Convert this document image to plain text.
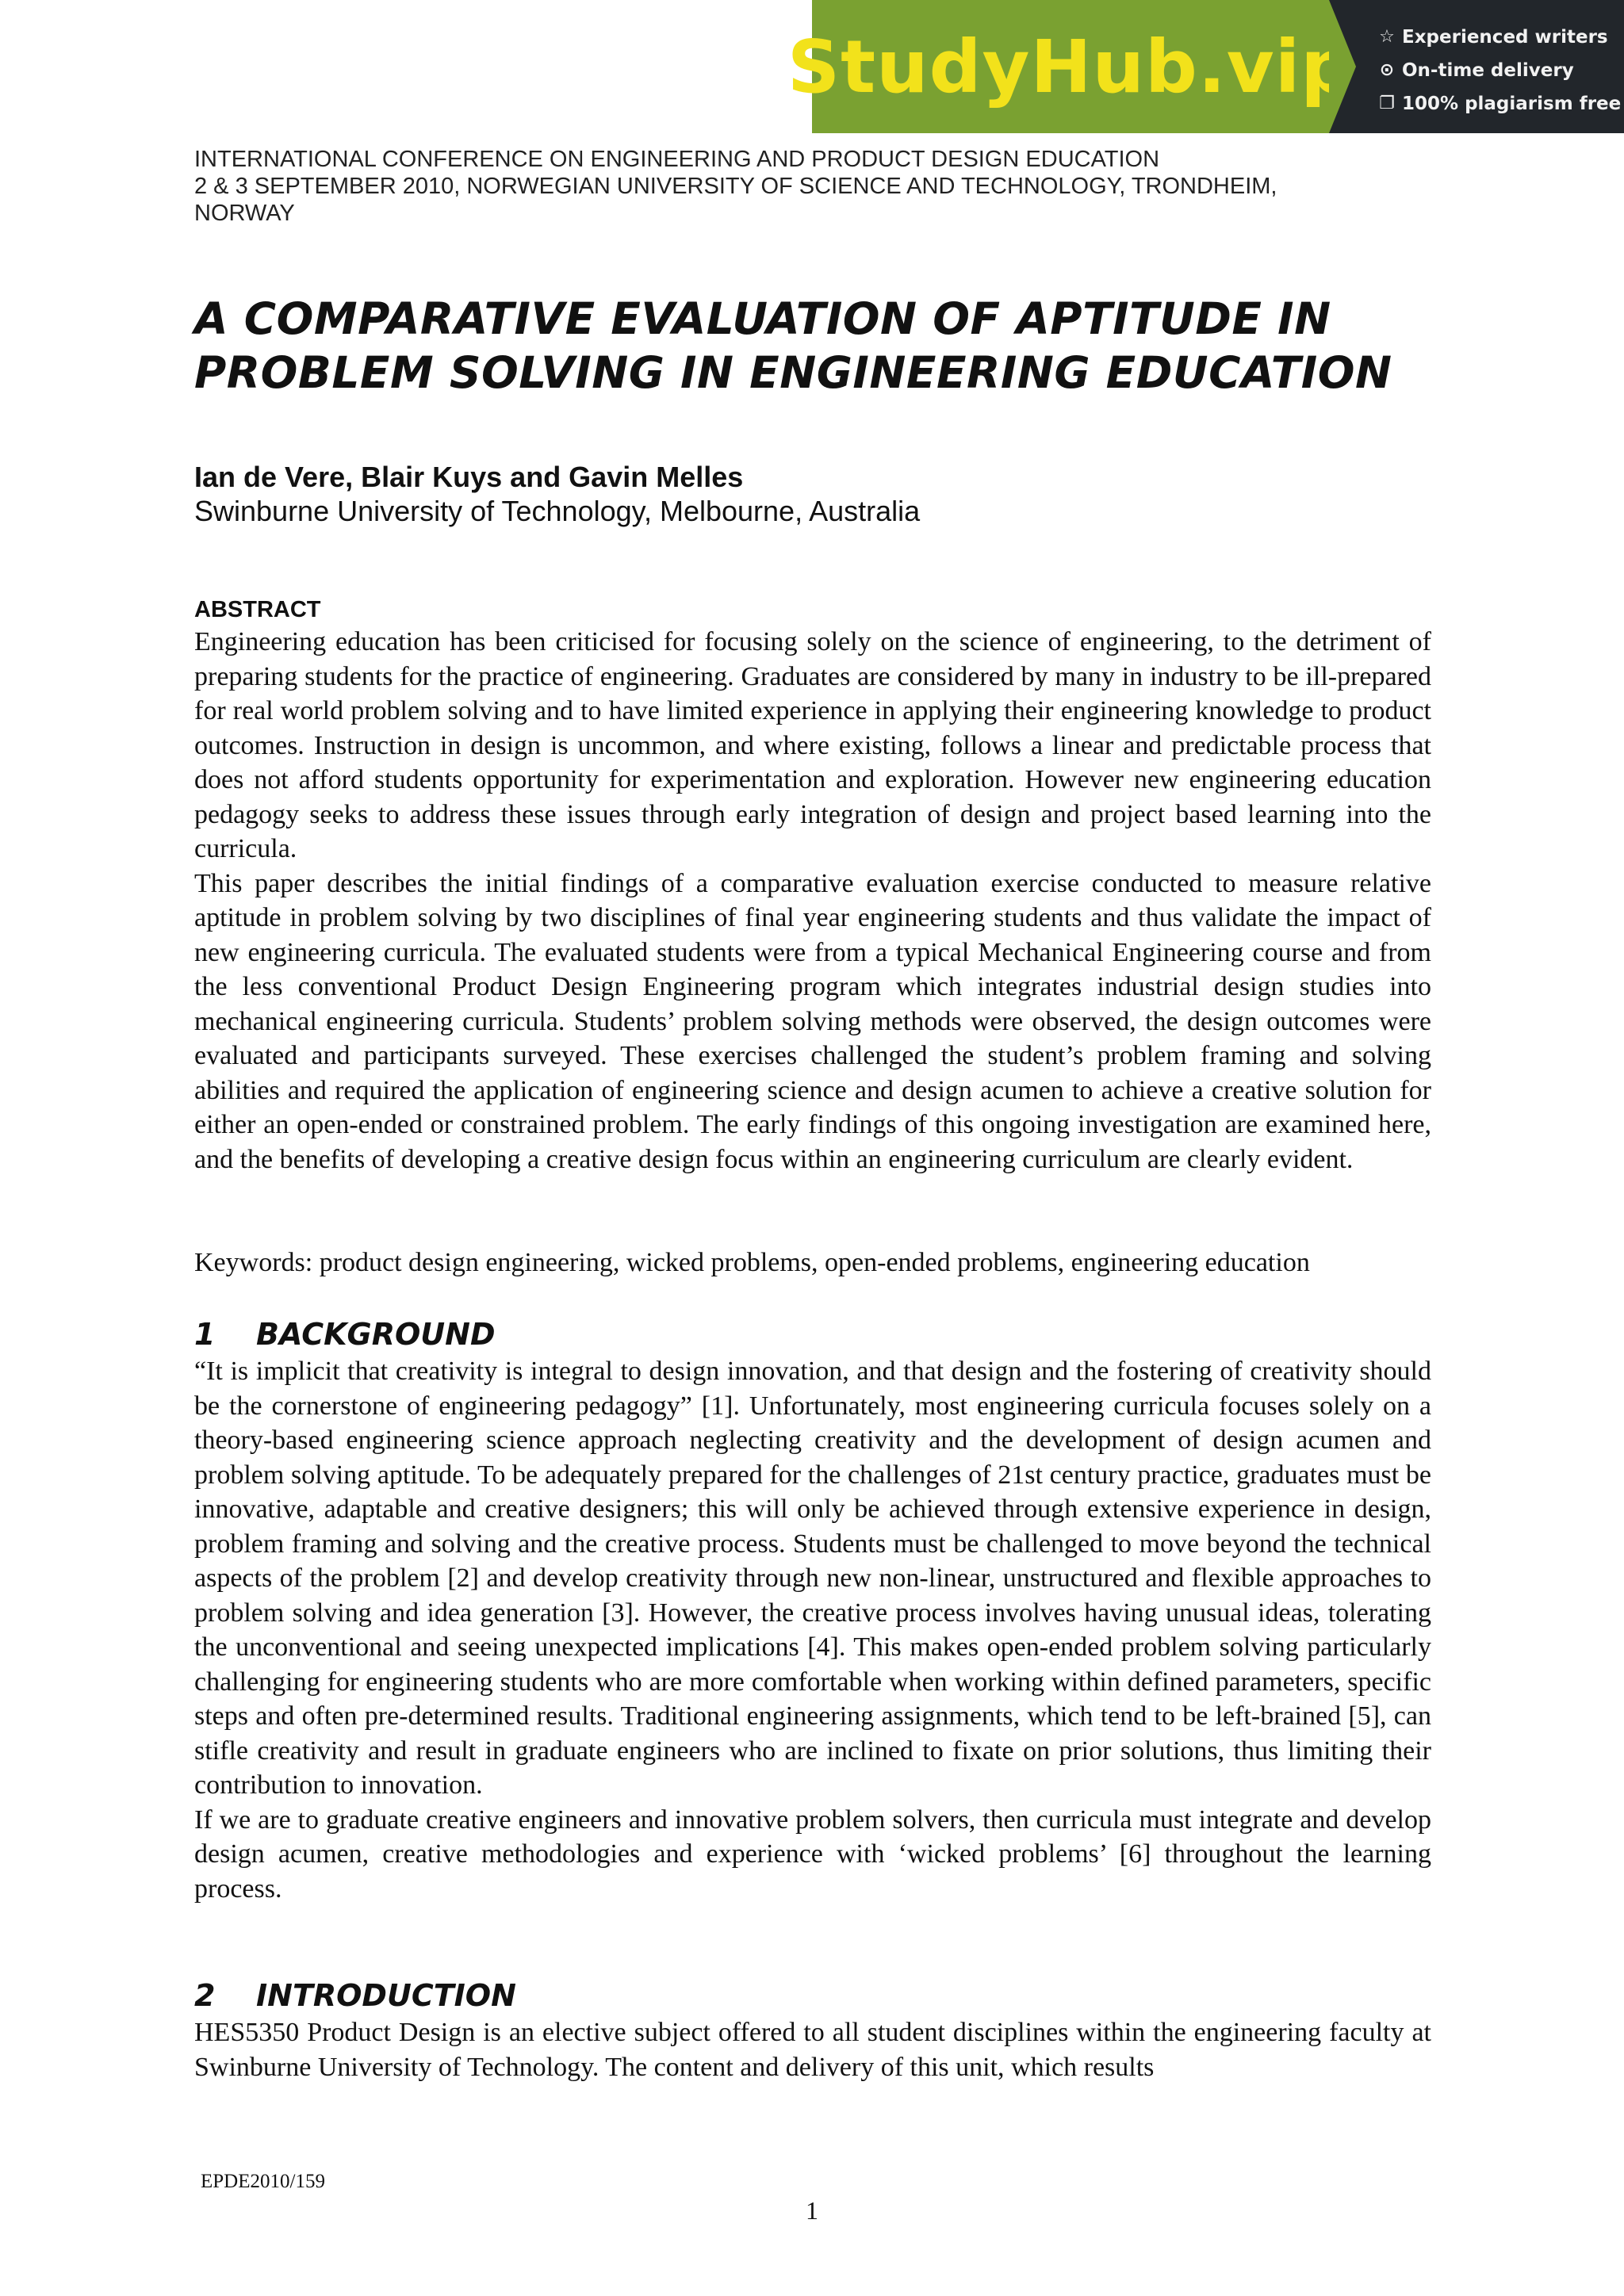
StudyHub.vip ☆ Experienced writers
⊙ On-time delivery
❐ 100% plagiarism free
INTERNATIONAL CONFERENCE ON ENGINEERING AND PRODUCT DESIGN EDUCATION
2 & 3 SEPTEMBER 2010, NORWEGIAN UNIVERSITY OF SCIENCE AND TECHNOLOGY, TRONDHEIM,
NORWAY
A COMPARATIVE EVALUATION OF APTITUDE IN
PROBLEM SOLVING IN ENGINEERING EDUCATION
Ian de Vere, Blair Kuys and Gavin Melles
Swinburne University of Technology, Melbourne, Australia
ABSTRACT

Engineering education has been criticised for focusing solely on the science of engineering, to the detriment of preparing students for the practice of engineering. Graduates are considered by many in industry to be ill-prepared for real world problem solving and to have limited experience in applying their engineering knowledge to product outcomes. Instruction in design is uncommon, and where existing, follows a linear and predictable process that does not afford students opportunity for experimentation and exploration. However new engineering education pedagogy seeks to address these issues through early integration of design and project based learning into the curricula.

This paper describes the initial findings of a comparative evaluation exercise conducted to measure relative aptitude in problem solving by two disciplines of final year engineering students and thus validate the impact of new engineering curricula. The evaluated students were from a typical Mechanical Engineering course and from the less conventional Product Design Engineering program which integrates industrial design studies into mechanical engineering curricula. Students’ problem solving methods were observed, the design outcomes were evaluated and participants surveyed. These exercises challenged the student’s problem framing and solving abilities and required the application of engineering science and design acumen to achieve a creative solution for either an open-ended or constrained problem. The early findings of this ongoing investigation are examined here, and the benefits of developing a creative design focus within an engineering curriculum are clearly evident.

Keywords: product design engineering, wicked problems, open-ended problems, engineering education
1 BACKGROUND

“It is implicit that creativity is integral to design innovation, and that design and the fostering of creativity should be the cornerstone of engineering pedagogy” [1]. Unfortunately, most engineering curricula focuses solely on a theory-based engineering science approach neglecting creativity and the development of design acumen and problem solving aptitude. To be adequately prepared for the challenges of 21st century practice, graduates must be innovative, adaptable and creative designers; this will only be achieved through extensive experience in design, problem framing and solving and the creative process. Students must be challenged to move beyond the technical aspects of the problem [2] and develop creativity through new non-linear, unstructured and flexible approaches to problem solving and idea generation [3]. However, the creative process involves having unusual ideas, tolerating the unconventional and seeing unexpected implications [4]. This makes open-ended problem solving particularly challenging for engineering students who are more comfortable when working within defined parameters, specific steps and often pre-determined results. Traditional engineering assignments, which tend to be left-brained [5], can stifle creativity and result in graduate engineers who are inclined to fixate on prior solutions, thus limiting their contribution to innovation.

If we are to graduate creative engineers and innovative problem solvers, then curricula must integrate and develop design acumen, creative methodologies and experience with ‘wicked problems’ [6] throughout the learning process.

2 INTRODUCTION

HES5350 Product Design is an elective subject offered to all student disciplines within the engineering faculty at Swinburne University of Technology. The content and delivery of this unit, which results

EPDE2010/159
1
